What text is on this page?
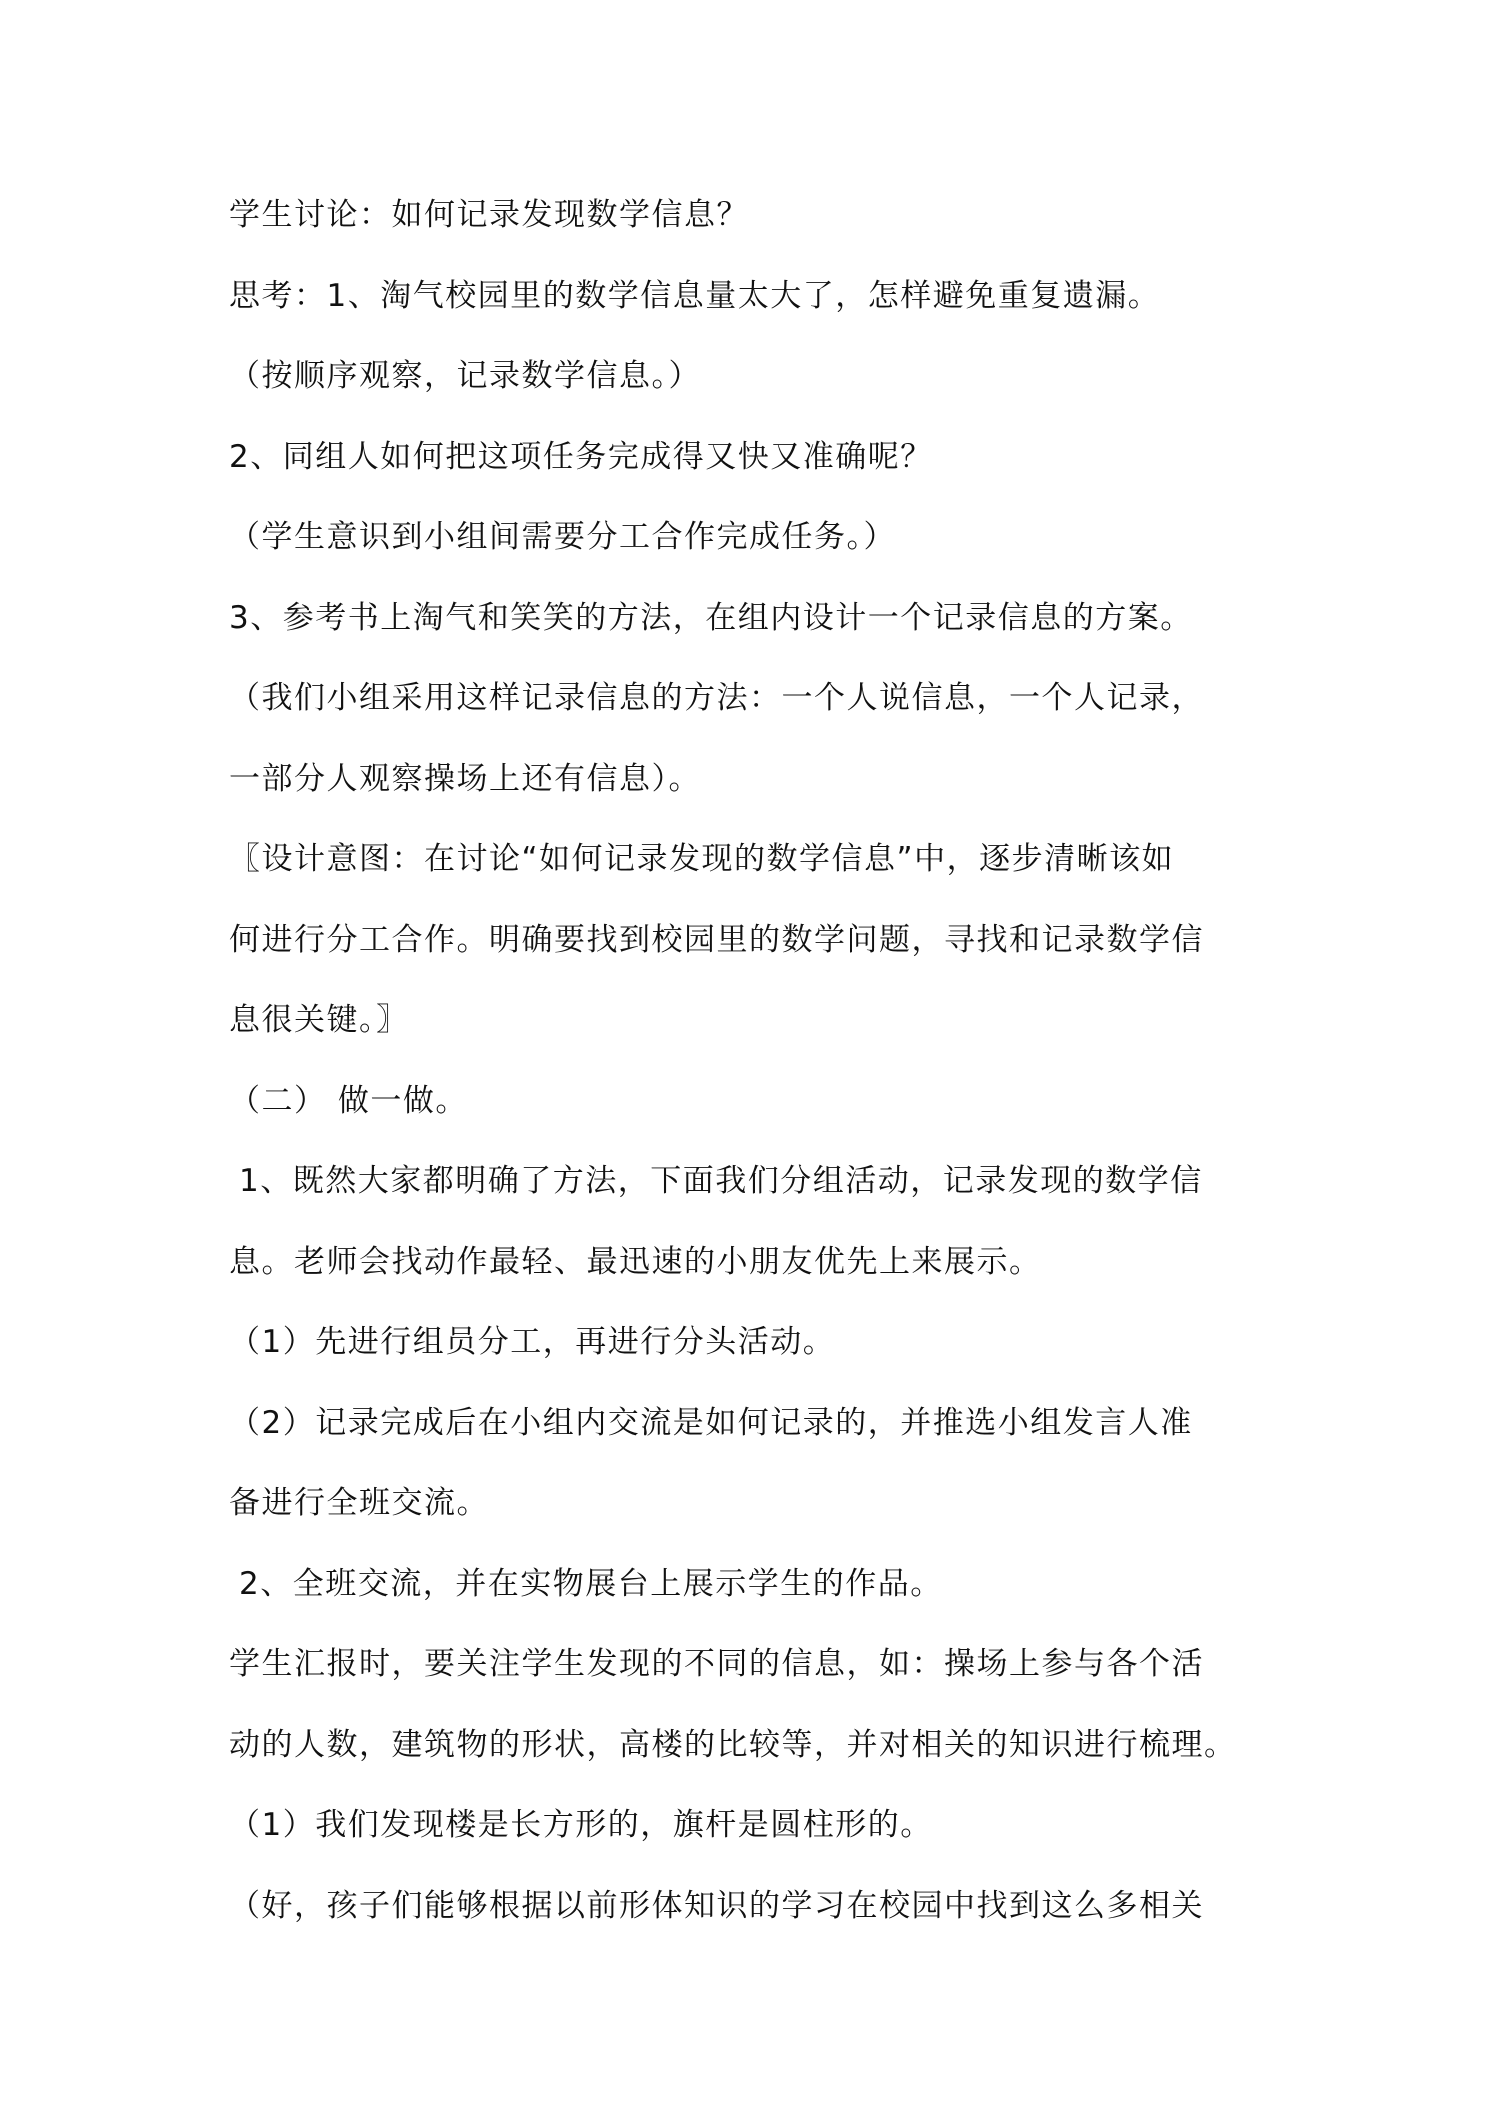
学生讨论：如何记录发现数学信息？
思考：1、淘气校园里的数学信息量太大了，怎样避免重复遗漏。
（按顺序观察，记录数学信息。）
2、同组人如何把这项任务完成得又快又准确呢？
（学生意识到小组间需要分工合作完成任务。）
3、参考书上淘气和笑笑的方法，在组内设计一个记录信息的方案。
（我们小组采用这样记录信息的方法：一个人说信息，一个人记录，
一部分人观察操场上还有信息）。
〖设计意图：在讨论“如何记录发现的数学信息”中，逐步清晰该如
何进行分工合作。明确要找到校园里的数学问题，寻找和记录数学信
息很关键。〗
（二） 做一做。
1、既然大家都明确了方法，下面我们分组活动，记录发现的数学信
息。老师会找动作最轻、最迅速的小朋友优先上来展示。
（1）先进行组员分工，再进行分头活动。
（2）记录完成后在小组内交流是如何记录的，并推选小组发言人准
备进行全班交流。
2、全班交流，并在实物展台上展示学生的作品。
学生汇报时，要关注学生发现的不同的信息，如：操场上参与各个活
动的人数，建筑物的形状，高楼的比较等，并对相关的知识进行梳理。
（1）我们发现楼是长方形的，旗杆是圆柱形的。
（好，孩子们能够根据以前形体知识的学习在校园中找到这么多相关
